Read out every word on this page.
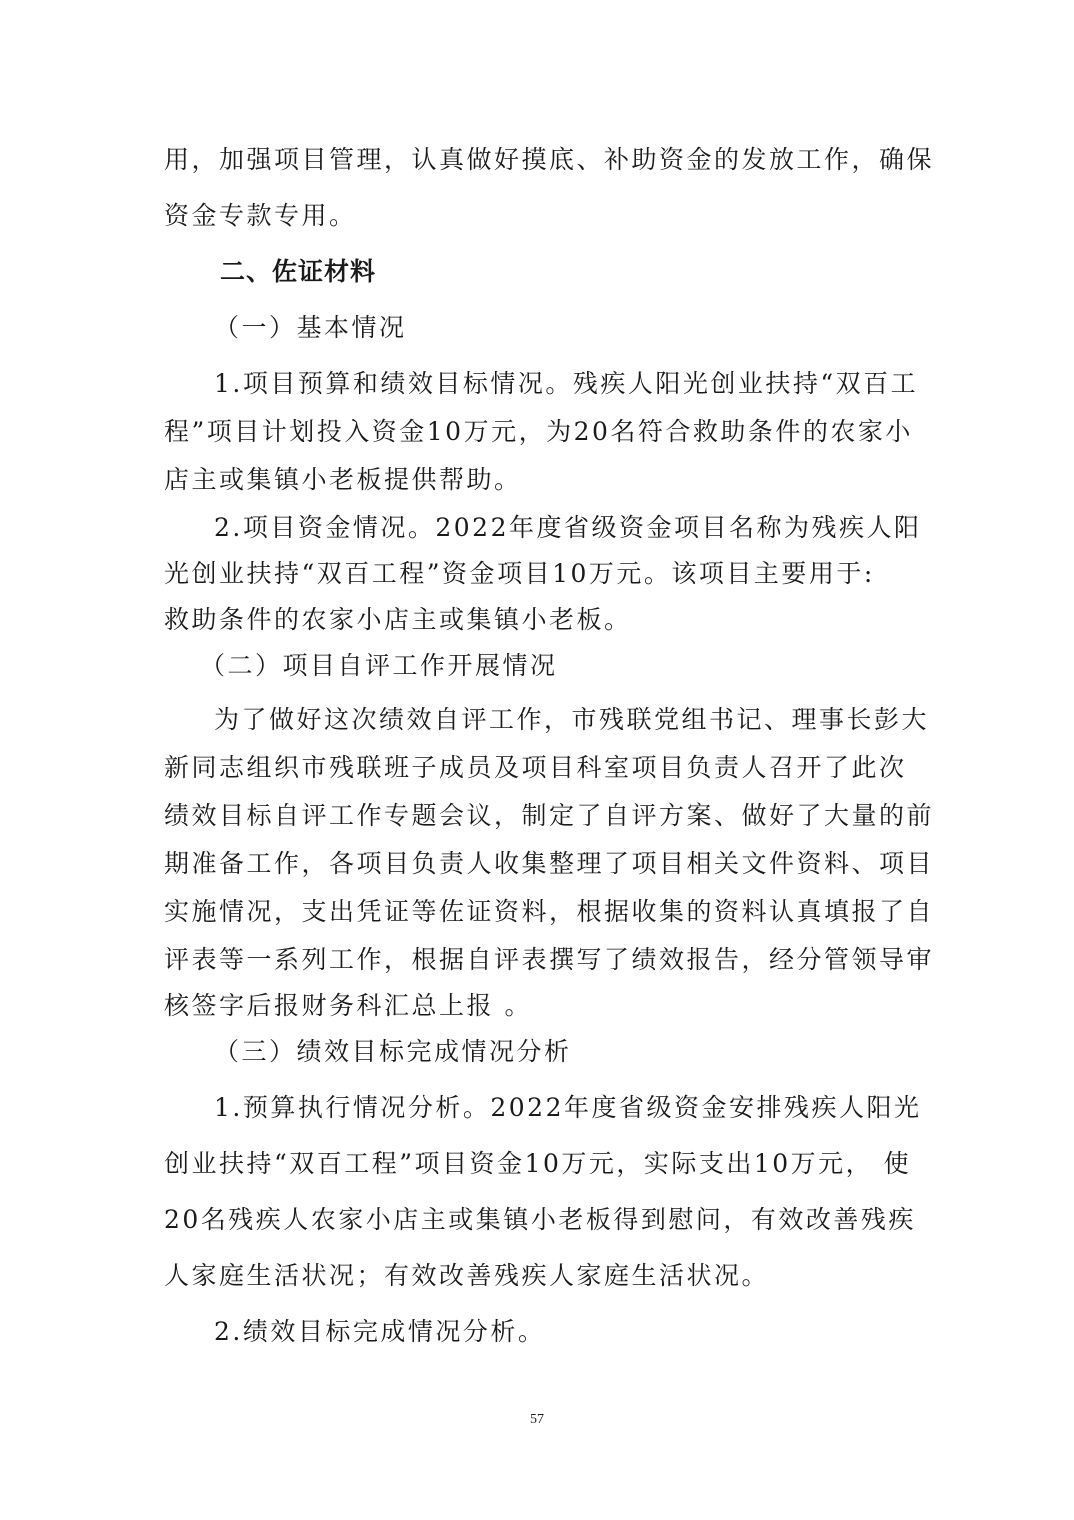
用，加强项目管理，认真做好摸底、补助资金的发放工作，确保
资金专款专用。
二、佐证材料
（一）基本情况
1.项目预算和绩效目标情况。残疾人阳光创业扶持“双百工
程”项目计划投入资金10万元，为20名符合救助条件的农家小
店主或集镇小老板提供帮助。
2.项目资金情况。2022年度省级资金项目名称为残疾人阳
光创业扶持“双百工程”资金项目10万元。该项目主要用于:
救助条件的农家小店主或集镇小老板。
（二）项目自评工作开展情况
为了做好这次绩效自评工作，市残联党组书记、理事长彭大
新同志组织市残联班子成员及项目科室项目负责人召开了此次
绩效目标自评工作专题会议，制定了自评方案、做好了大量的前
期准备工作，各项目负责人收集整理了项目相关文件资料、项目
实施情况，支出凭证等佐证资料，根据收集的资料认真填报了自
评表等一系列工作，根据自评表撰写了绩效报告，经分管领导审
核签字后报财务科汇总上报 。
（三）绩效目标完成情况分析
1.预算执行情况分析。2022年度省级资金安排残疾人阳光
创业扶持“双百工程”项目资金10万元，实际支出10万元， 使
20名残疾人农家小店主或集镇小老板得到慰问，有效改善残疾
人家庭生活状况；有效改善残疾人家庭生活状况。
2.绩效目标完成情况分析。
57
